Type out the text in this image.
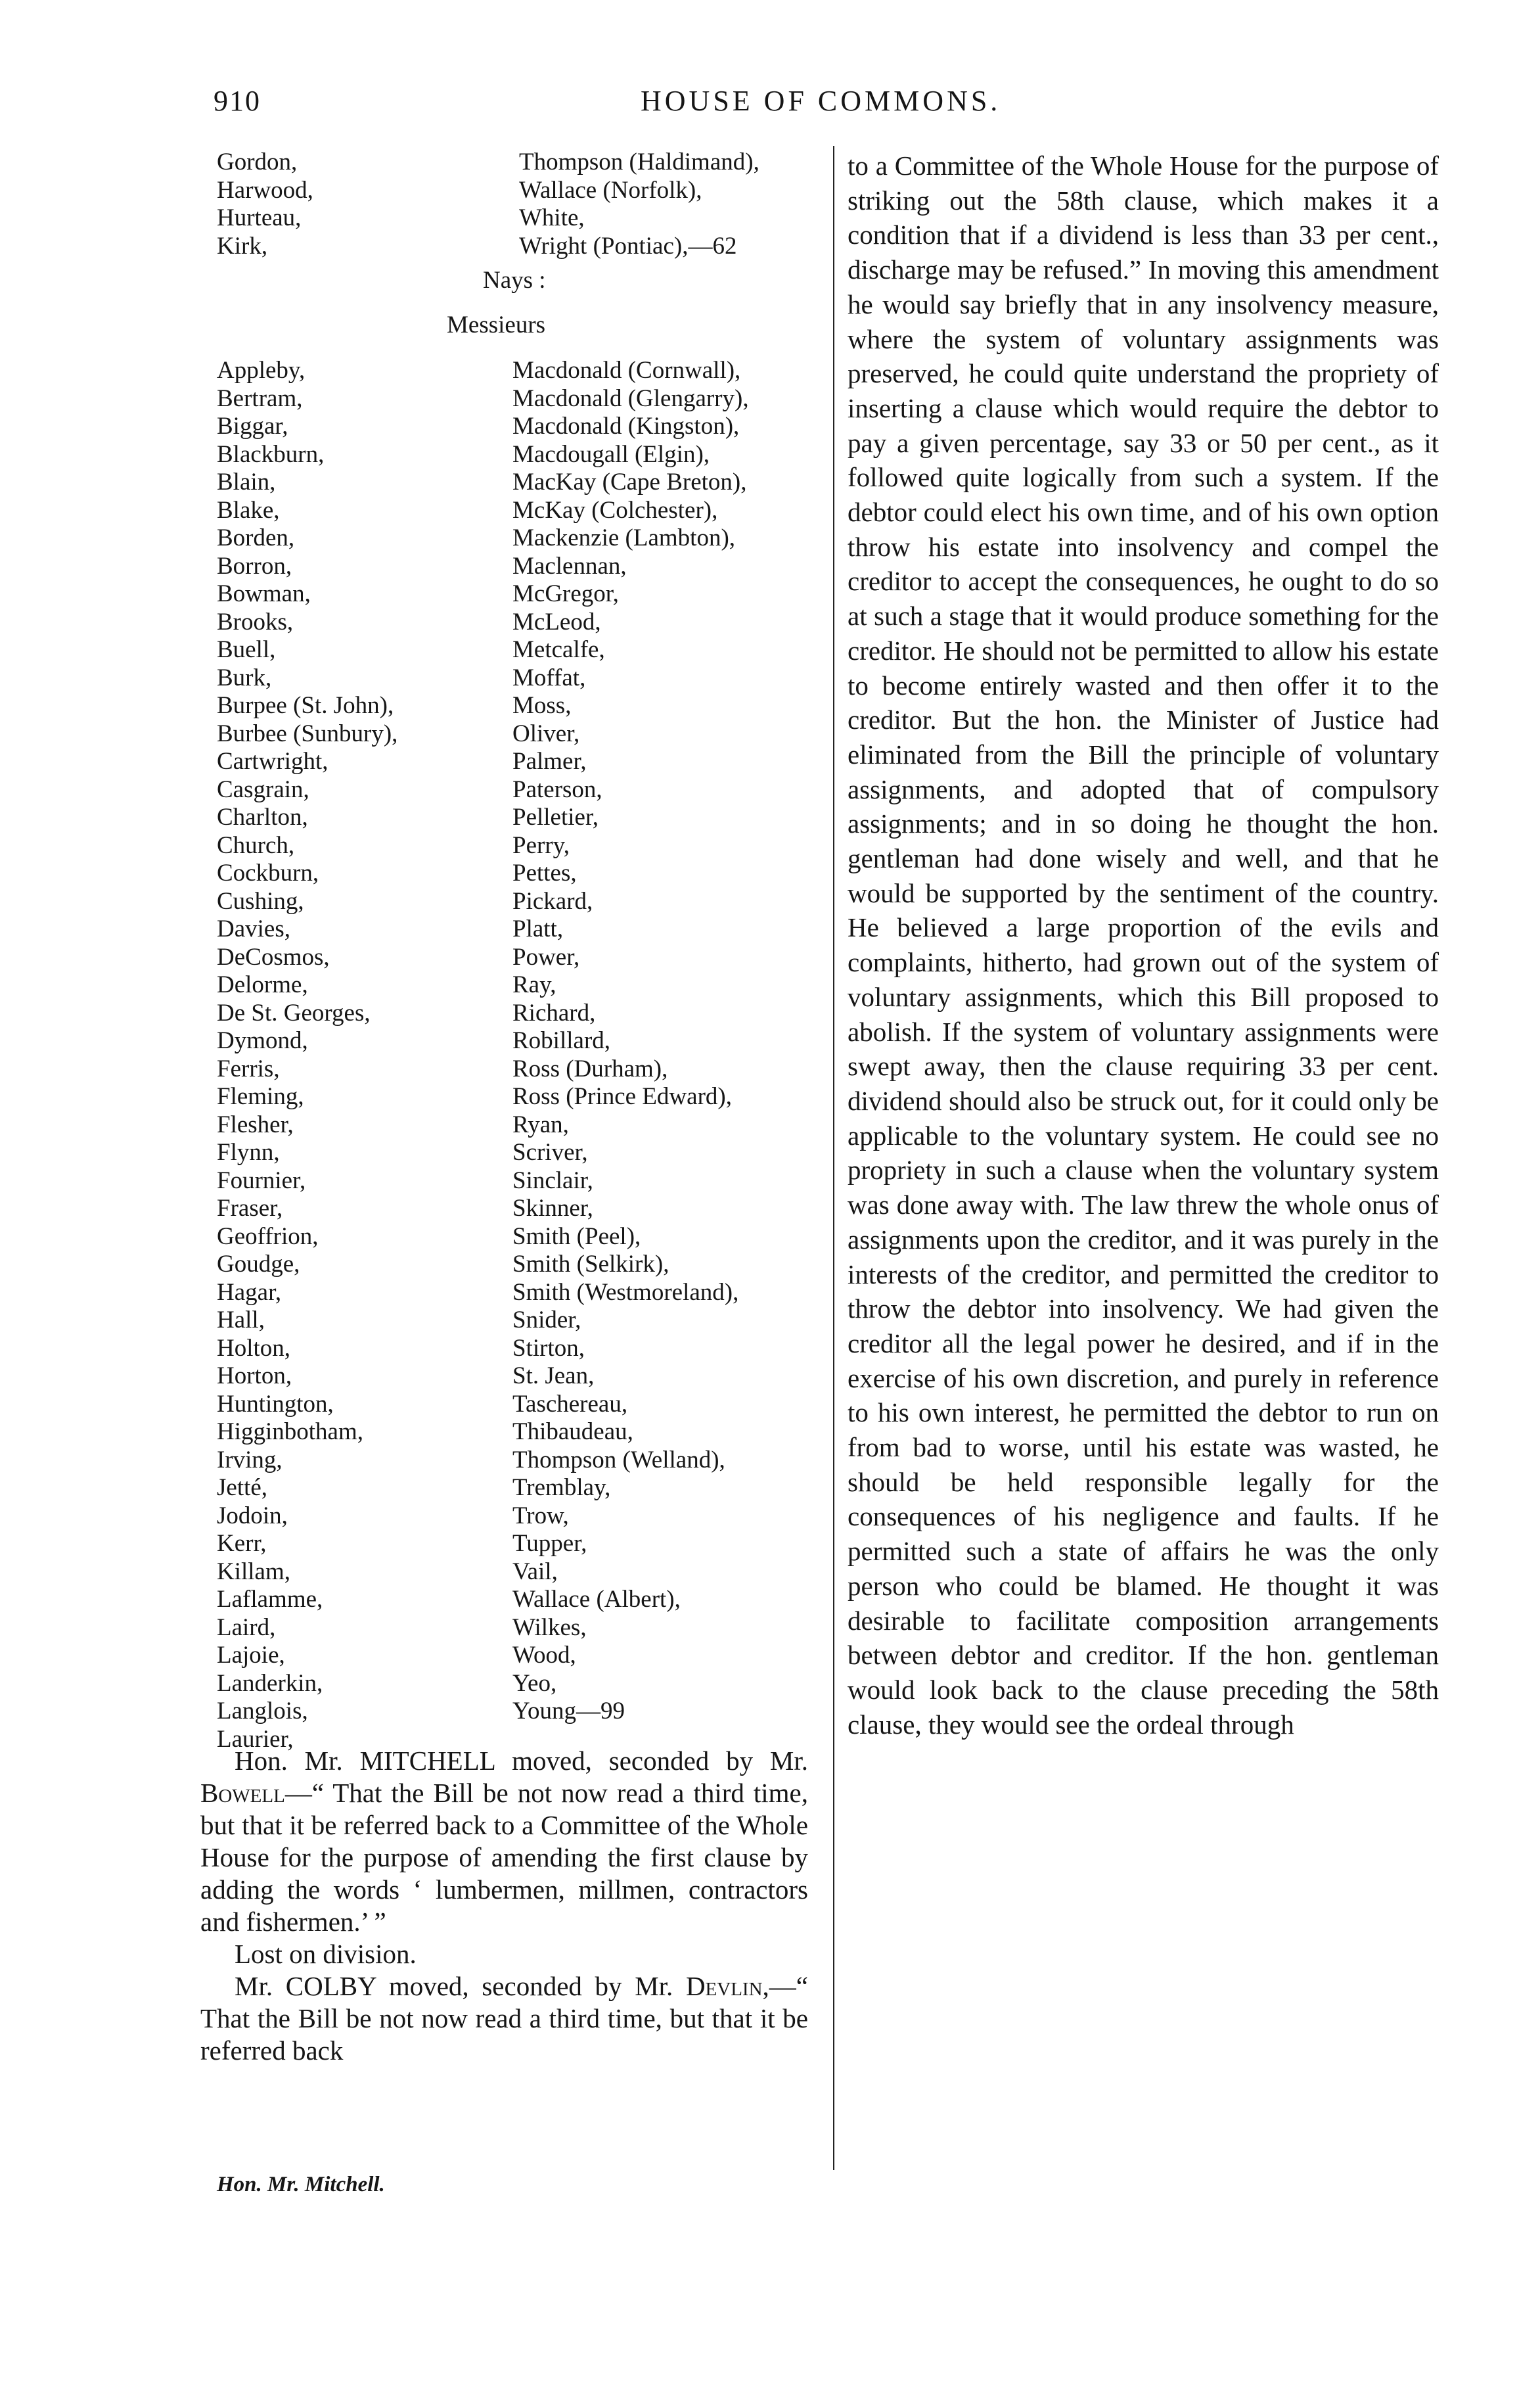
910	HOUSE OF COMMONS.
Gordon,
Harwood,
Hurteau,
Kirk,
Thompson (Haldimand),
Wallace (Norfolk),
White,
Wright (Pontiac),—62
Nays :
Messieurs
Appleby,
Bertram,
Biggar,
Blackburn,
Blain,
Blake,
Borden,
Borron,
Bowman,
Brooks,
Buell,
Burk,
Burpee (St. John),
Burbee (Sunbury),
Cartwright,
Casgrain,
Charlton,
Church,
Cockburn,
Cushing,
Davies,
DeCosmos,
Delorme,
De St. Georges,
Dymond,
Ferris,
Fleming,
Flesher,
Flynn,
Fournier,
Fraser,
Geoffrion,
Goudge,
Hagar,
Hall,
Holton,
Horton,
Huntington,
Higginbotham,
Irving,
Jetté,
Jodoin,
Kerr,
Killam,
Laflamme,
Laird,
Lajoie,
Landerkin,
Langlois,
Laurier,
Macdonald (Cornwall),
Macdonald (Glengarry),
Macdonald (Kingston),
Macdougall (Elgin),
MacKay (Cape Breton),
McKay (Colchester),
Mackenzie (Lambton),
Maclennan,
McGregor,
McLeod,
Metcalfe,
Moffat,
Moss,
Oliver,
Palmer,
Paterson,
Pelletier,
Perry,
Pettes,
Pickard,
Platt,
Power,
Ray,
Richard,
Robillard,
Ross (Durham),
Ross (Prince Edward),
Ryan,
Scriver,
Sinclair,
Skinner,
Smith (Peel),
Smith (Selkirk),
Smith (Westmoreland),
Snider,
Stirton,
St. Jean,
Taschereau,
Thibaudeau,
Thompson (Welland),
Tremblay,
Trow,
Tupper,
Vail,
Wallace (Albert),
Wilkes,
Wood,
Yeo,
Young—99

Hon. Mr. MITCHELL moved, seconded by Mr. Bowell—“ That the Bill be not now read a third time, but that it be referred back to a Committee of the Whole House for the purpose of amending the first clause by adding the words ‘ lumbermen, millmen, contractors and fishermen.’ ”

Lost on division.

Mr. COLBY moved, seconded by Mr. Devlin,—“ That the Bill be not now read a third time, but that it be referred back

Hon. Mr. Mitchell.

to a Committee of the Whole House for the purpose of striking out the 58th clause, which makes it a condition that if a dividend is less than 33 per cent., discharge may be refused.” In moving this amendment he would say briefly that in any insolvency measure, where the system of voluntary assignments was preserved, he could quite understand the propriety of inserting a clause which would require the debtor to pay a given percentage, say 33 or 50 per cent., as it followed quite logically from such a system. If the debtor could elect his own time, and of his own option throw his estate into insolvency and compel the creditor to accept the consequences, he ought to do so at such a stage that it would produce something for the creditor. He should not be permitted to allow his estate to become entirely wasted and then offer it to the creditor. But the hon. the Minister of Justice had eliminated from the Bill the principle of voluntary assignments, and adopted that of compulsory assignments; and in so doing he thought the hon. gentleman had done wisely and well, and that he would be supported by the sentiment of the country. He believed a large proportion of the evils and complaints, hitherto, had grown out of the system of voluntary assignments, which this Bill proposed to abolish. If the system of voluntary assignments were swept away, then the clause requiring 33 per cent. dividend should also be struck out, for it could only be applicable to the voluntary system. He could see no propriety in such a clause when the voluntary system was done away with. The law threw the whole onus of assignments upon the creditor, and it was purely in the interests of the creditor, and permitted the creditor to throw the debtor into insolvency. We had given the creditor all the legal power he desired, and if in the exercise of his own discretion, and purely in reference to his own interest, he permitted the debtor to run on from bad to worse, until his estate was wasted, he should be held responsible legally for the consequences of his negligence and faults. If he permitted such a state of affairs he was the only person who could be blamed. He thought it was desirable to facilitate composition arrangements between debtor and creditor. If the hon. gentleman would look back to the clause preceding the 58th clause, they would see the ordeal through
